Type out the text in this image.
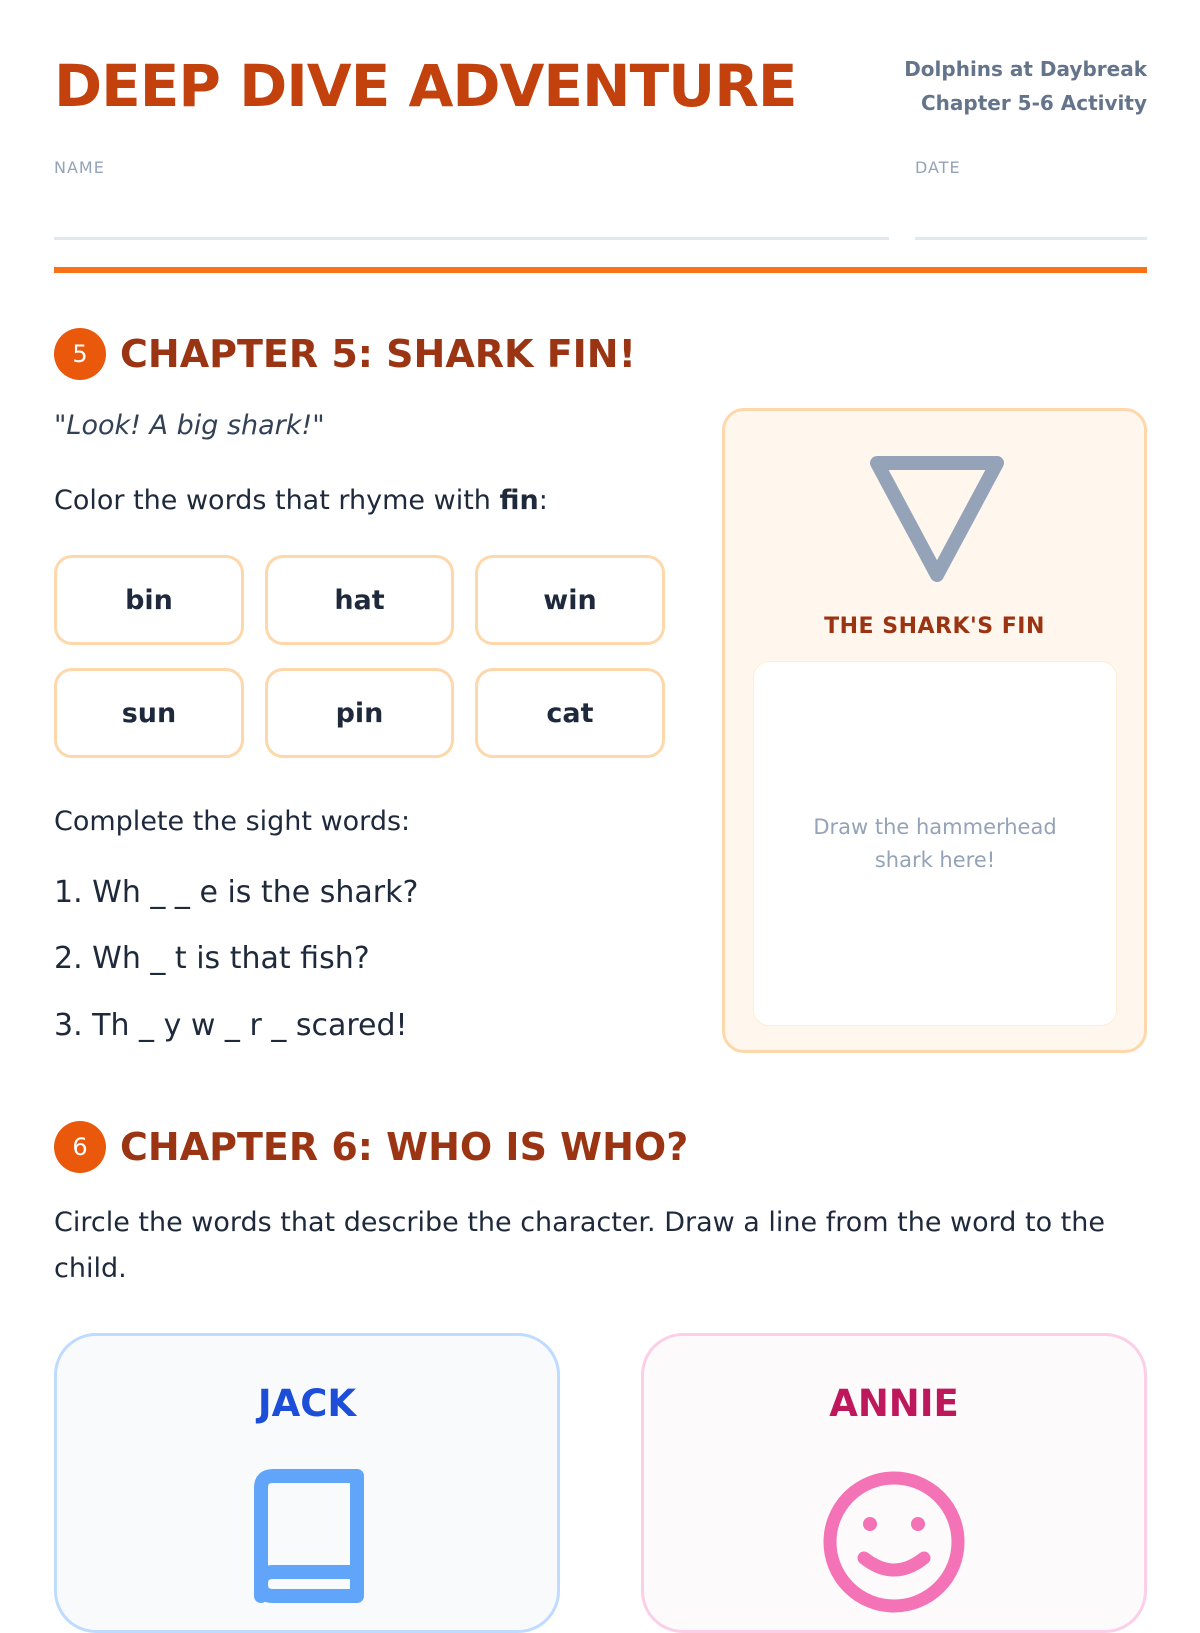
DEEP DIVE ADVENTURE	Dolphins at Daybreak
Chapter 5-6 Activity
NAME	DATE
5 CHAPTER 5: SHARK FIN!
"Look! A big shark!"
Color the words that rhyme with fin:
bin	hat	win
sun	pin	cat
Complete the sight words:
1. Wh _ _ e is the shark?
2. Wh _ t is that fish?
3. Th _ y w _ r _ scared!
THE SHARK'S FIN
Draw the hammerhead shark here!
6 CHAPTER 6: WHO IS WHO?
Circle the words that describe the character. Draw a line from the word to the child.
JACK	ANNIE
